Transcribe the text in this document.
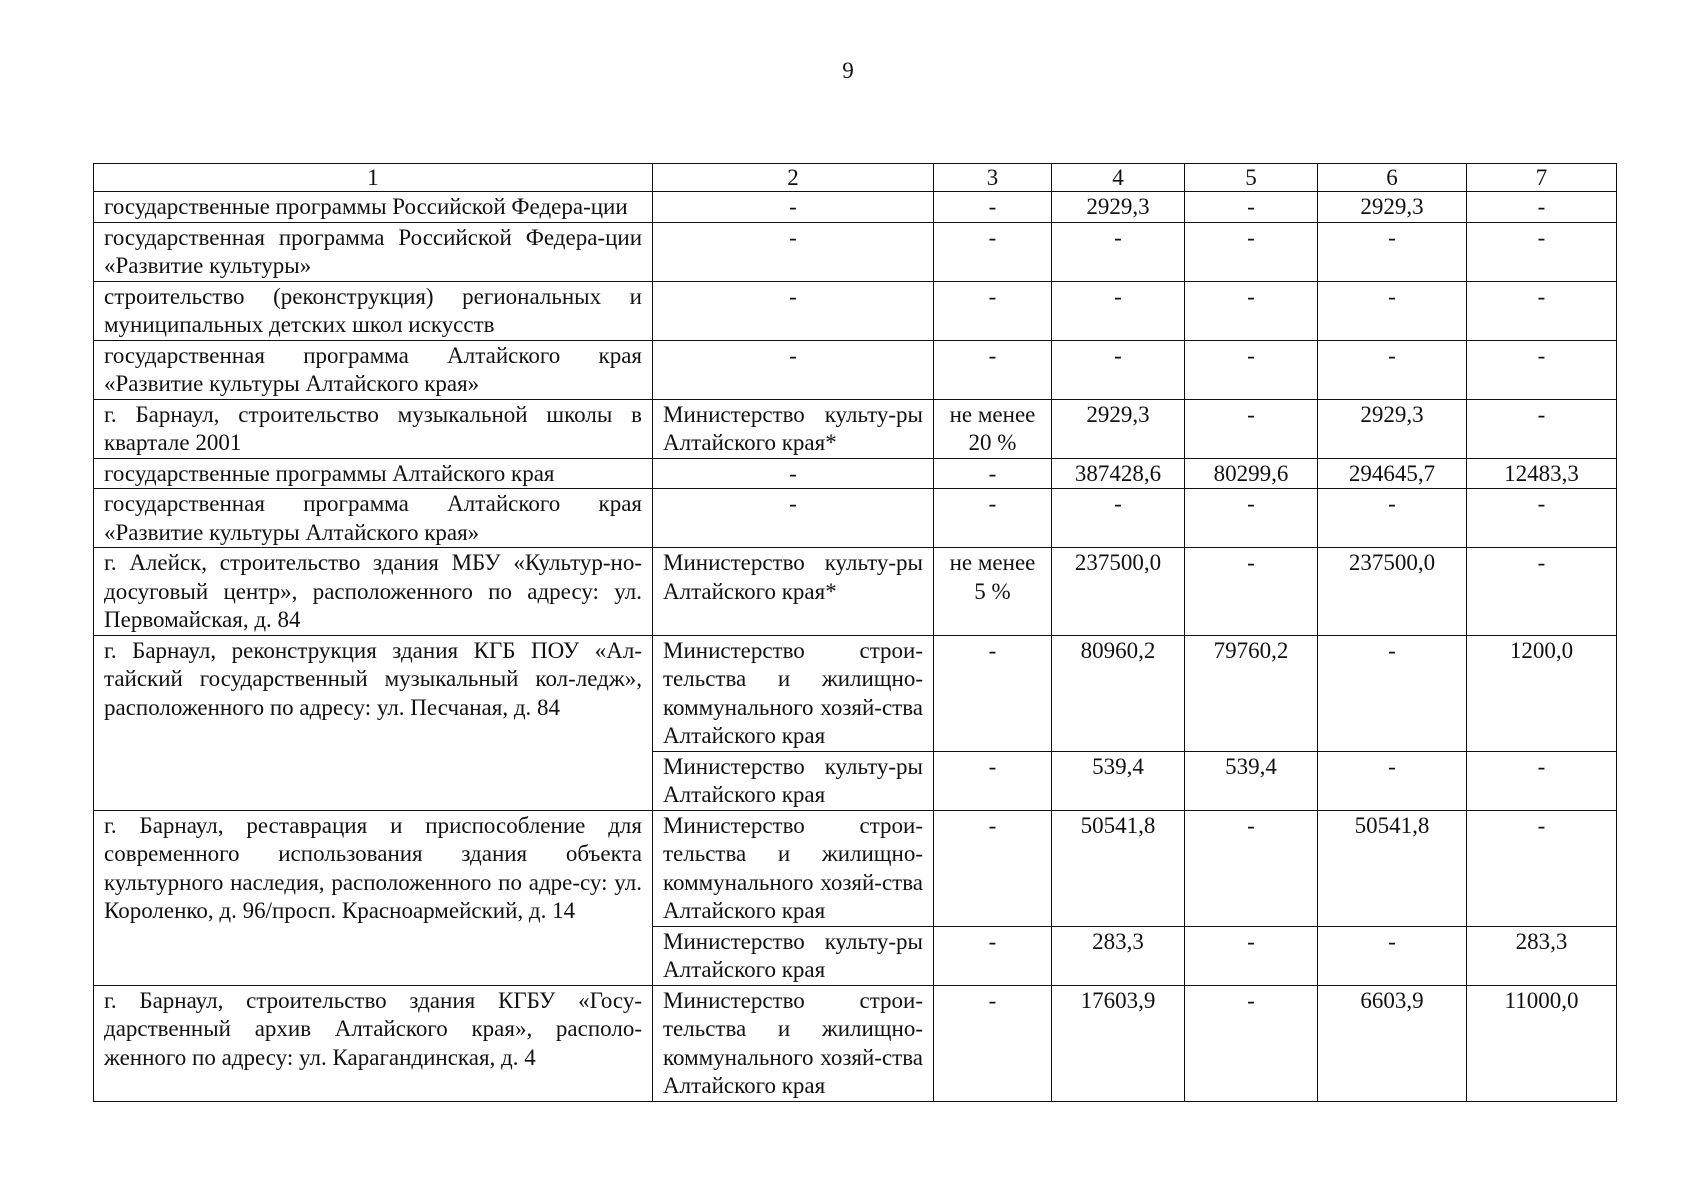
9
1	2	3	4	5	6	7
государственные программы Российской Федера-ции	-	-	2929,3	-	2929,3	-
государственная программа Российской Федера-ции «Развитие культуры»	-	-	-	-	-	-
строительство (реконструкция) региональных и муниципальных детских школ искусств	-	-	-	-	-	-
государственная программа Алтайского края «Развитие культуры Алтайского края»	-	-	-	-	-	-
г. Барнаул, строительство музыкальной школы в квартале 2001	Министерство культу-ры Алтайского края*	не менее 20 %	2929,3	-	2929,3	-
государственные программы Алтайского края	-	-	387428,6	80299,6	294645,7	12483,3
государственная программа Алтайского края «Развитие культуры Алтайского края»	-	-	-	-	-	-
г. Алейск, строительство здания МБУ «Культур-но-досуговый центр», расположенного по адресу: ул. Первомайская, д. 84	Министерство культу-ры Алтайского края*	не менее 5 %	237500,0	-	237500,0	-
г. Барнаул, реконструкция здания КГБ ПОУ «Ал-тайский государственный музыкальный кол-ледж», расположенного по адресу: ул. Песчаная, д. 84	Министерство строи-тельства и жилищно-коммунального хозяй-ства Алтайского края	-	80960,2	79760,2	-	1200,0
	Министерство культу-ры Алтайского края	-	539,4	539,4	-	-
г. Барнаул, реставрация и приспособление для современного использования здания объекта культурного наследия, расположенного по адре-су: ул. Короленко, д. 96/просп. Красноармейский, д. 14	Министерство строи-тельства и жилищно-коммунального хозяй-ства Алтайского края	-	50541,8	-	50541,8	-
	Министерство культу-ры Алтайского края	-	283,3	-	-	283,3
г. Барнаул, строительство здания КГБУ «Госу-дарственный архив Алтайского края», располо-женного по адресу: ул. Карагандинская, д. 4	Министерство строи-тельства и жилищно-коммунального хозяй-ства Алтайского края	-	17603,9	-	6603,9	11000,0
